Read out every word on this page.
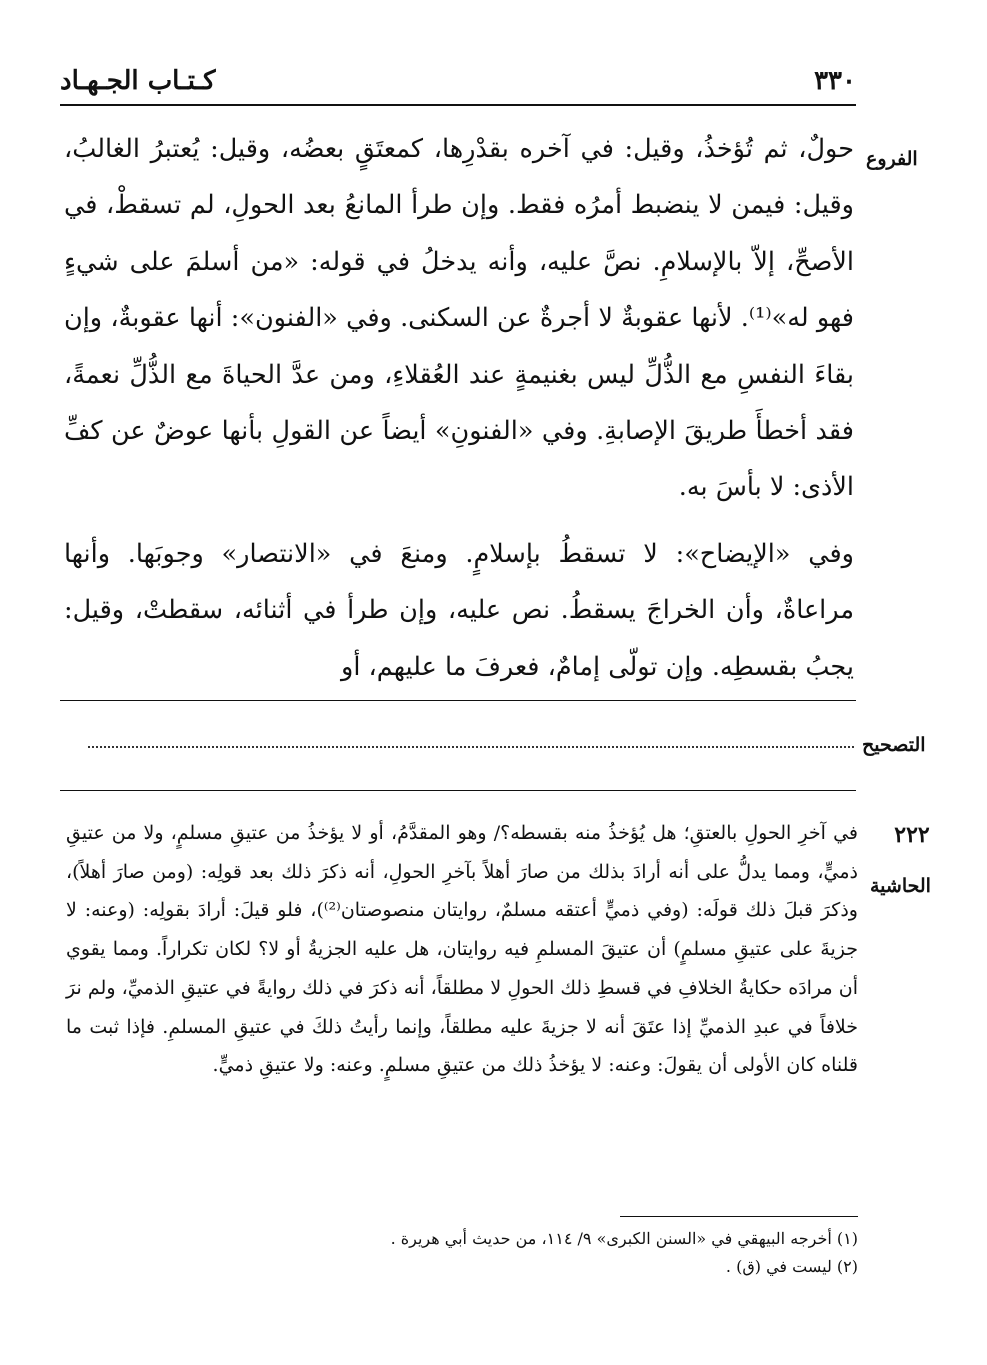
٣٣٠
كـتـاب الجـهـاد
الفروع

حولٌ، ثم تُؤخذُ، وقيل: في آخره بقدْرِها، كمعتَقٍ بعضُه، وقيل: يُعتبرُ الغالبُ، وقيل: فيمن لا ينضبط أمرُه فقط. وإن طرأ المانعُ بعد الحولِ، لم تسقطْ، في الأصحِّ، إلاّ بالإسلامِ. نصَّ عليه، وأنه يدخلُ في قوله: «من أسلمَ على شيءٍ فهو له»⁽¹⁾. لأنها عقوبةٌ لا أجرةٌ عن السكنى. وفي «الفنون»: أنها عقوبةٌ، وإن بقاءَ النفسِ مع الذُّلِّ ليس بغنيمةٍ عند العُقلاءِ، ومن عدَّ الحياةَ مع الذُّلِّ نعمةً، فقد أخطأَ طريقَ الإصابةِ. وفي «الفنونِ» أيضاً عن القولِ بأنها عوضٌ عن كفِّ الأذى: لا بأسَ به.

وفي «الإيضاح»: لا تسقطُ بإسلامٍ. ومنعَ في «الانتصار» وجوبَها. وأنها مراعاةٌ، وأن الخراجَ يسقطُ. نص عليه، وإن طرأ في أثنائه، سقطتْ، وقيل: يجبُ بقسطِه. وإن تولّى إمامٌ، فعرفَ ما عليهم، أو

التصحيح
٢٢٢
الحاشية

في آخرِ الحولِ بالعتقِ؛ هل يُؤخذُ منه بقسطه؟/ وهو المقدَّمُ، أو لا يؤخذُ من عتيقِ مسلمٍ، ولا من عتيقِ ذميٍّ، ومما يدلُّ على أنه أرادَ بذلك من صارَ أهلاً بآخرِ الحولِ، أنه ذكرَ ذلك بعد قولِه: (ومن صارَ أهلاً)، وذكرَ قبلَ ذلك قولَه: (وفي ذميٍّ أعتقه مسلمٌ، روايتان منصوصتان⁽²⁾)، فلو قيلَ: أرادَ بقولِه: (وعنه: لا جزيةَ على عتيقِ مسلمٍ) أن عتيقَ المسلمِ فيه روايتان، هل عليه الجزيةُ أو لا؟ لكان تكراراً. ومما يقوي أن مرادَه حكايةُ الخلافِ في قسطِ ذلك الحولِ لا مطلقاً، أنه ذكرَ في ذلك روايةً في عتيقِ الذميِّ، ولم نرَ خلافاً في عبدِ الذميِّ إذا عتَقَ أنه لا جزيةَ عليه مطلقاً، وإنما رأيتُ ذلكَ في عتيقِ المسلمِ. فإذا ثبت ما قلناه كان الأولى أن يقولَ: وعنه: لا يؤخذُ ذلك من عتيقِ مسلمٍ. وعنه: ولا عتيقِ ذميٍّ.

(١) أخرجه البيهقي في «السنن الكبرى» ٩/ ١١٤، من حديث أبي هريرة .

(٢) ليست في (ق) .
